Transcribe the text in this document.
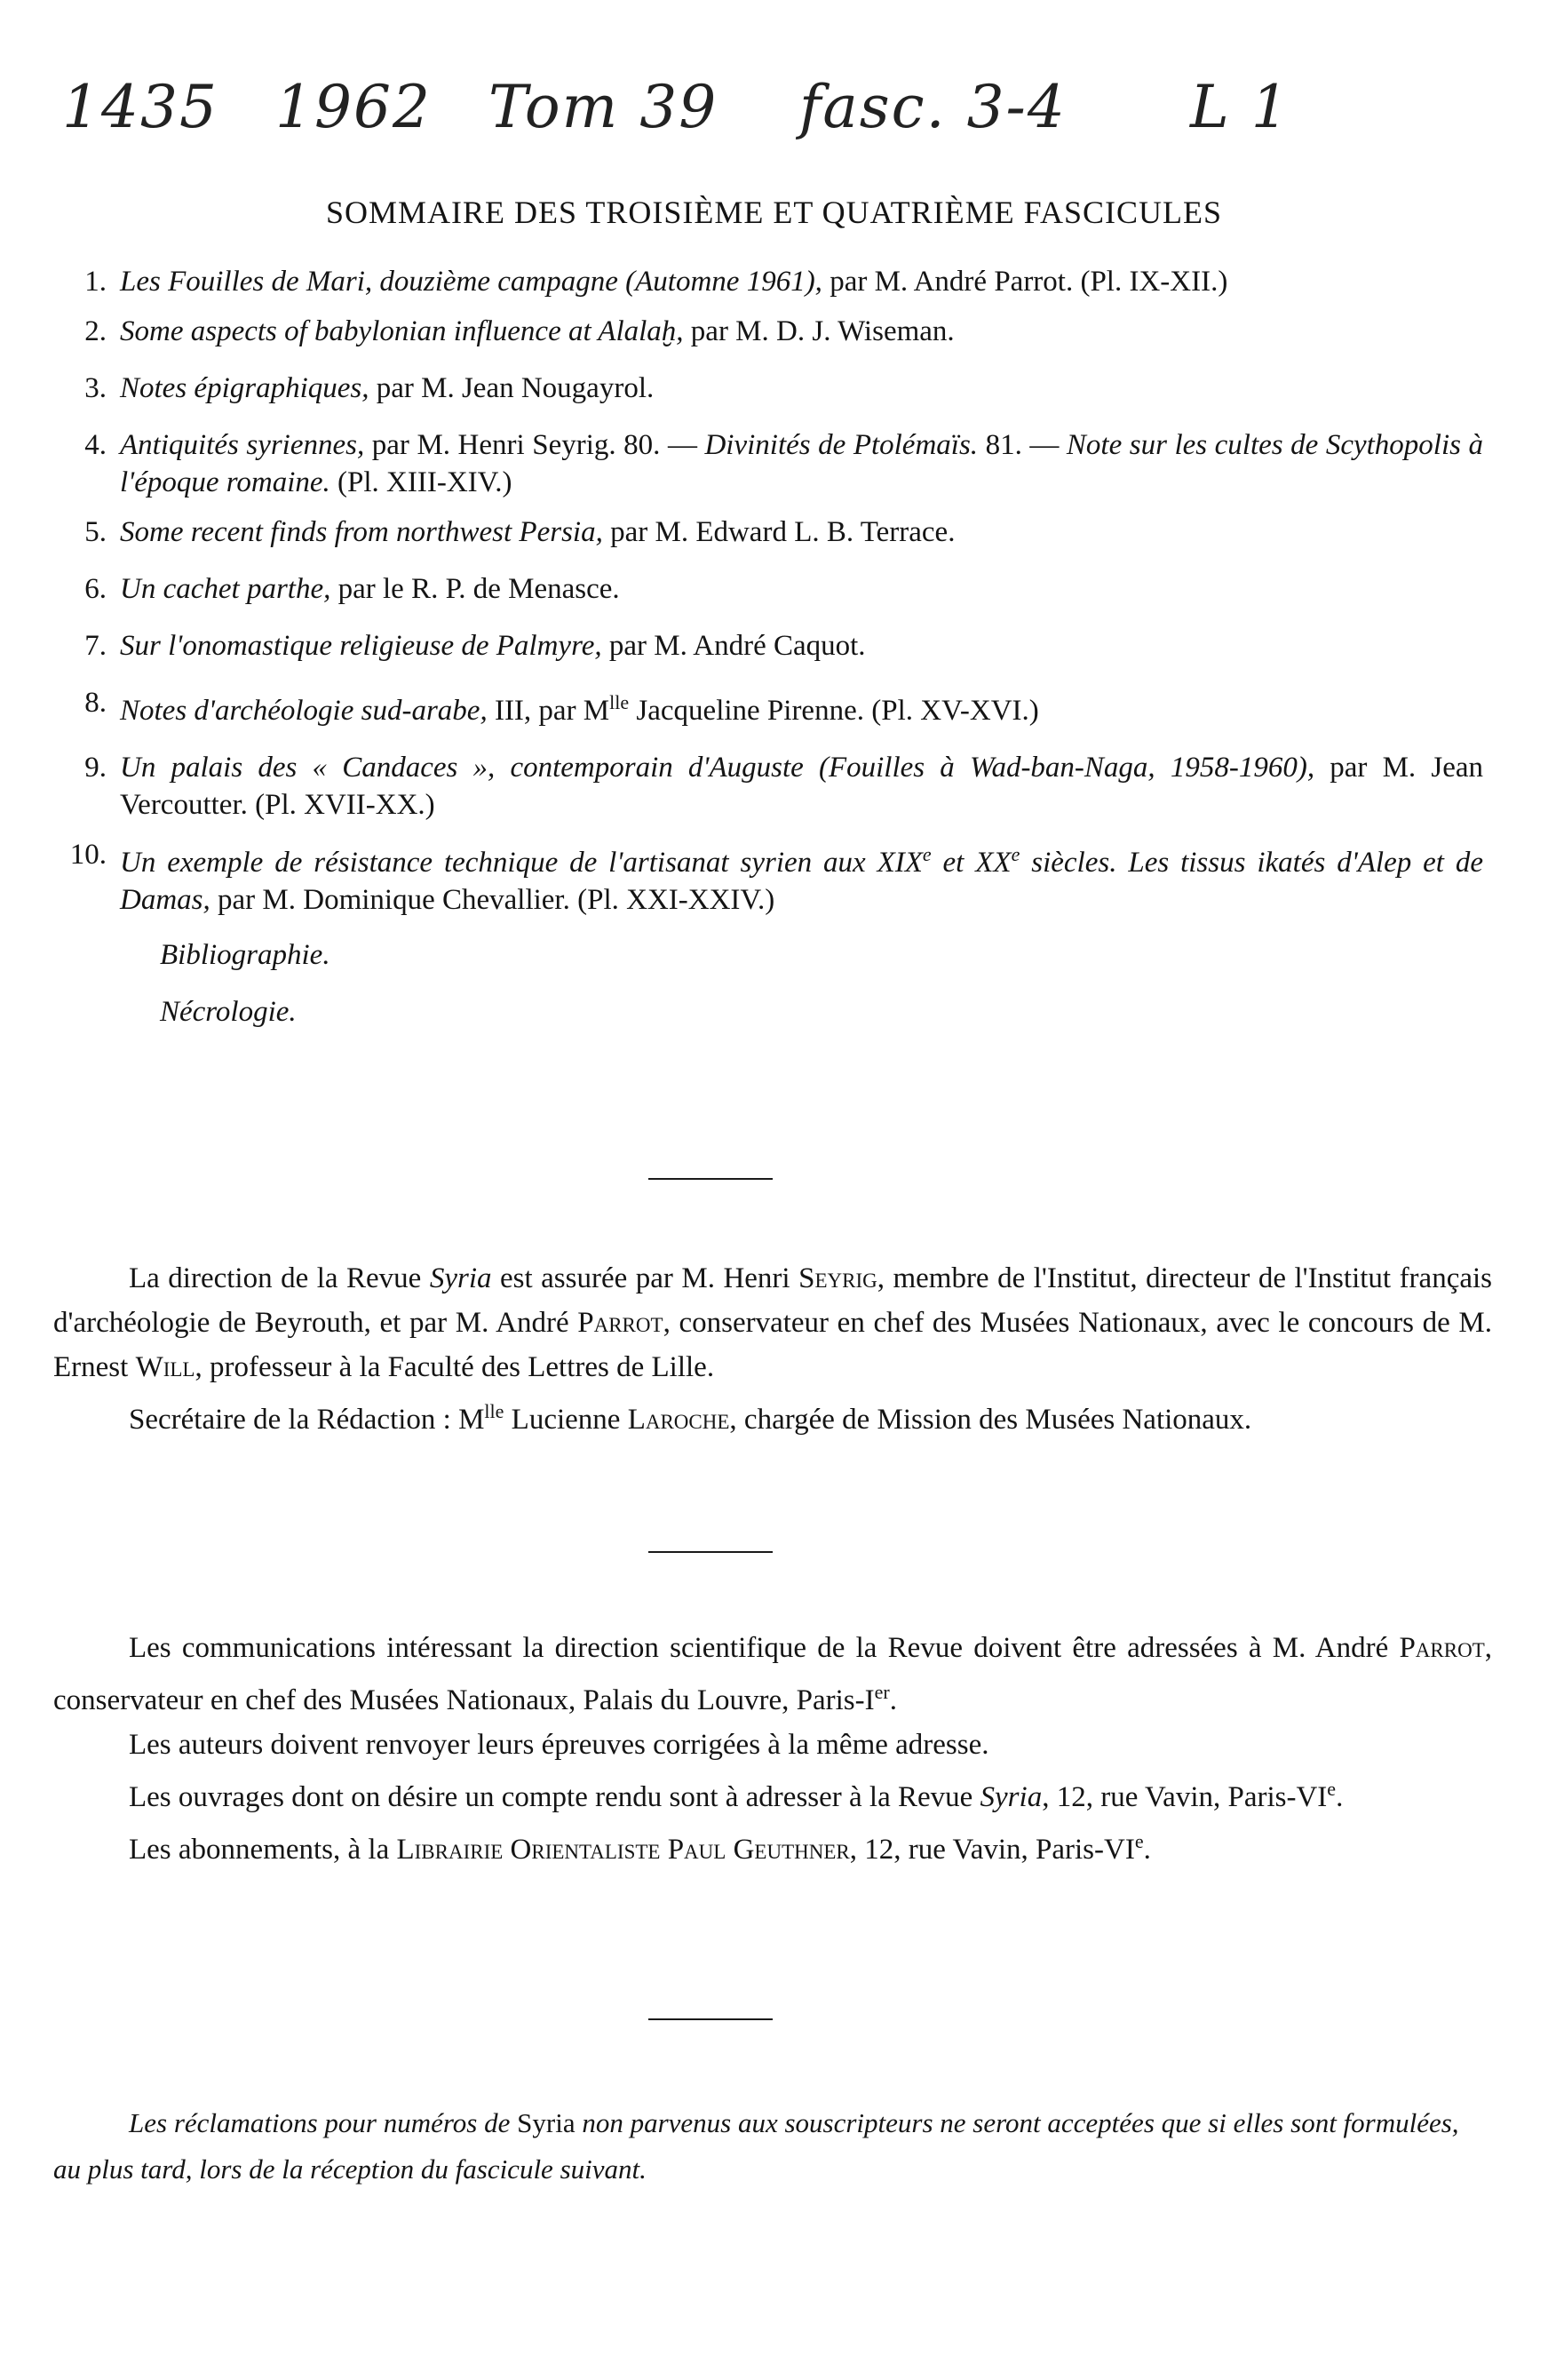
1435 1962 Tom 39 fasc. 3-4 L 1
SOMMAIRE DES TROISIÈME ET QUATRIÈME FASCICULES
1. Les Fouilles de Mari, douzième campagne (Automne 1961), par M. André Parrot. (Pl. IX-XII.)
2. Some aspects of babylonian influence at Alalaḫ, par M. D. J. Wiseman.
3. Notes épigraphiques, par M. Jean Nougayrol.
4. Antiquités syriennes, par M. Henri Seyrig. 80. — Divinités de Ptolémaïs. 81. — Note sur les cultes de Scythopolis à l'époque romaine. (Pl. XIII-XIV.)
5. Some recent finds from northwest Persia, par M. Edward L. B. Terrace.
6. Un cachet parthe, par le R. P. de Menasce.
7. Sur l'onomastique religieuse de Palmyre, par M. André Caquot.
8. Notes d'archéologie sud-arabe, III, par $M^{lle}$ Jacqueline Pirenne. (Pl. XV-XVI.)
9. Un palais des « Candaces », contemporain d'Auguste (Fouilles à Wad-ban-Naga, 1958-1960), par M. Jean Vercoutter. (Pl. XVII-XX.)
10. Un exemple de résistance technique de l'artisanat syrien aux XIXe et XXe siècles. Les tissus ikatés d'Alep et de Damas, par M. Dominique Chevallier. (Pl. XXI-XXIV.)
Bibliographie.
Nécrologie.

La direction de la Revue Syria est assurée par M. Henri Seyrig, membre de l'Institut, directeur de l'Institut français d'archéologie de Beyrouth, et par M. André Parrot, conservateur en chef des Musées Nationaux, avec le concours de M. Ernest Will, professeur à la Faculté des Lettres de Lille.

Secrétaire de la Rédaction : $M^{lle}$ Lucienne Laroche, chargée de Mission des Musées Nationaux.

Les communications intéressant la direction scientifique de la Revue doivent être adressées à M. André Parrot, conservateur en chef des Musées Nationaux, Palais du Louvre, Paris-Ier.

Les auteurs doivent renvoyer leurs épreuves corrigées à la même adresse.

Les ouvrages dont on désire un compte rendu sont à adresser à la Revue Syria, 12, rue Vavin, Paris-VIe.

Les abonnements, à la Librairie Orientaliste Paul Geuthner, 12, rue Vavin, Paris-VIe.

Les réclamations pour numéros de Syria non parvenus aux souscripteurs ne seront acceptées que si elles sont formulées, au plus tard, lors de la réception du fascicule suivant.
